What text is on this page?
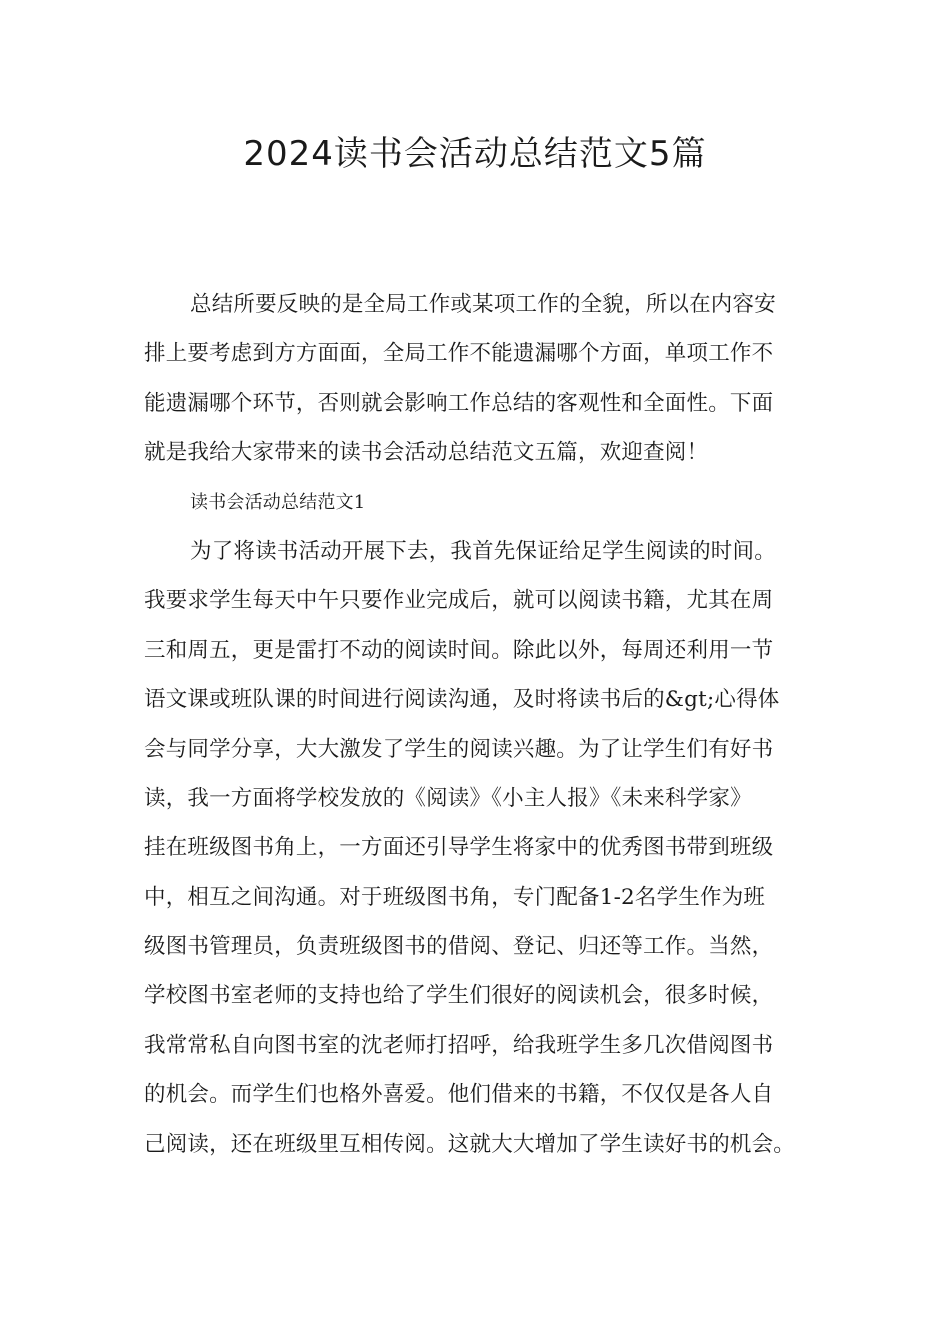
2024读书会活动总结范文5篇
总结所要反映的是全局工作或某项工作的全貌，所以在内容安
排上要考虑到方方面面，全局工作不能遗漏哪个方面，单项工作不
能遗漏哪个环节，否则就会影响工作总结的客观性和全面性。下面
就是我给大家带来的读书会活动总结范文五篇，欢迎查阅！
读书会活动总结范文1
为了将读书活动开展下去，我首先保证给足学生阅读的时间。
我要求学生每天中午只要作业完成后，就可以阅读书籍，尤其在周
三和周五，更是雷打不动的阅读时间。除此以外，每周还利用一节
语文课或班队课的时间进行阅读沟通，及时将读书后的&gt;心得体
会与同学分享，大大激发了学生的阅读兴趣。为了让学生们有好书
读，我一方面将学校发放的《阅读》《小主人报》《未来科学家》
挂在班级图书角上，一方面还引导学生将家中的优秀图书带到班级
中，相互之间沟通。对于班级图书角，专门配备1-2名学生作为班
级图书管理员，负责班级图书的借阅、登记、归还等工作。当然，
学校图书室老师的支持也给了学生们很好的阅读机会，很多时候，
我常常私自向图书室的沈老师打招呼，给我班学生多几次借阅图书
的机会。而学生们也格外喜爱。他们借来的书籍，不仅仅是各人自
己阅读，还在班级里互相传阅。这就大大增加了学生读好书的机会。
